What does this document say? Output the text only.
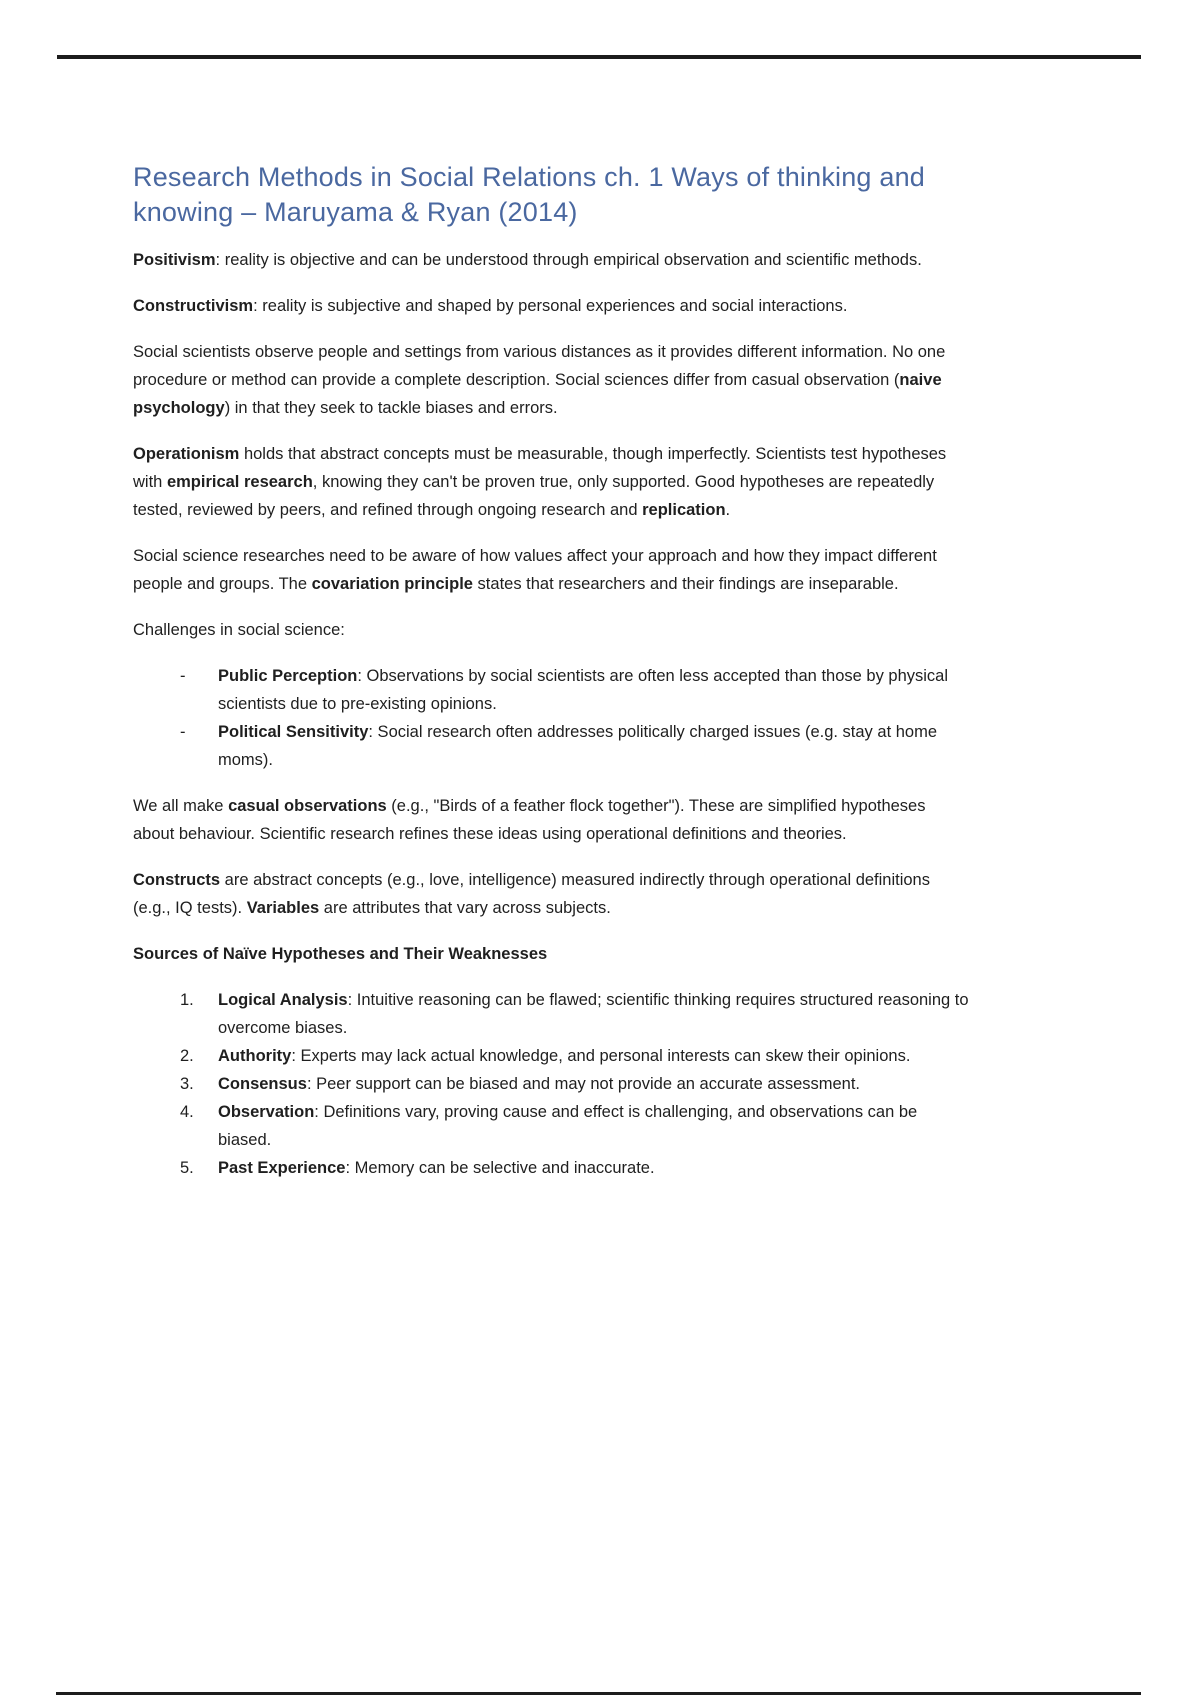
Research Methods in Social Relations ch. 1 Ways of thinking and knowing – Maruyama & Ryan (2014)

Positivism: reality is objective and can be understood through empirical observation and scientific methods.

Constructivism: reality is subjective and shaped by personal experiences and social interactions.

Social scientists observe people and settings from various distances as it provides different information. No one procedure or method can provide a complete description. Social sciences differ from casual observation (naive psychology) in that they seek to tackle biases and errors.

Operationism holds that abstract concepts must be measurable, though imperfectly. Scientists test hypotheses with empirical research, knowing they can't be proven true, only supported. Good hypotheses are repeatedly tested, reviewed by peers, and refined through ongoing research and replication.

Social science researches need to be aware of how values affect your approach and how they impact different people and groups. The covariation principle states that researchers and their findings are inseparable.

Challenges in social science:

-	Public Perception: Observations by social scientists are often less accepted than those by physical scientists due to pre-existing opinions.
-	Political Sensitivity: Social research often addresses politically charged issues (e.g. stay at home moms).

We all make casual observations (e.g., "Birds of a feather flock together"). These are simplified hypotheses about behaviour. Scientific research refines these ideas using operational definitions and theories.

Constructs are abstract concepts (e.g., love, intelligence) measured indirectly through operational definitions (e.g., IQ tests). Variables are attributes that vary across subjects.

Sources of Naïve Hypotheses and Their Weaknesses
1.	Logical Analysis: Intuitive reasoning can be flawed; scientific thinking requires structured reasoning to overcome biases.
2.	Authority: Experts may lack actual knowledge, and personal interests can skew their opinions.
3.	Consensus: Peer support can be biased and may not provide an accurate assessment.
4.	Observation: Definitions vary, proving cause and effect is challenging, and observations can be biased.
5.	Past Experience: Memory can be selective and inaccurate.
